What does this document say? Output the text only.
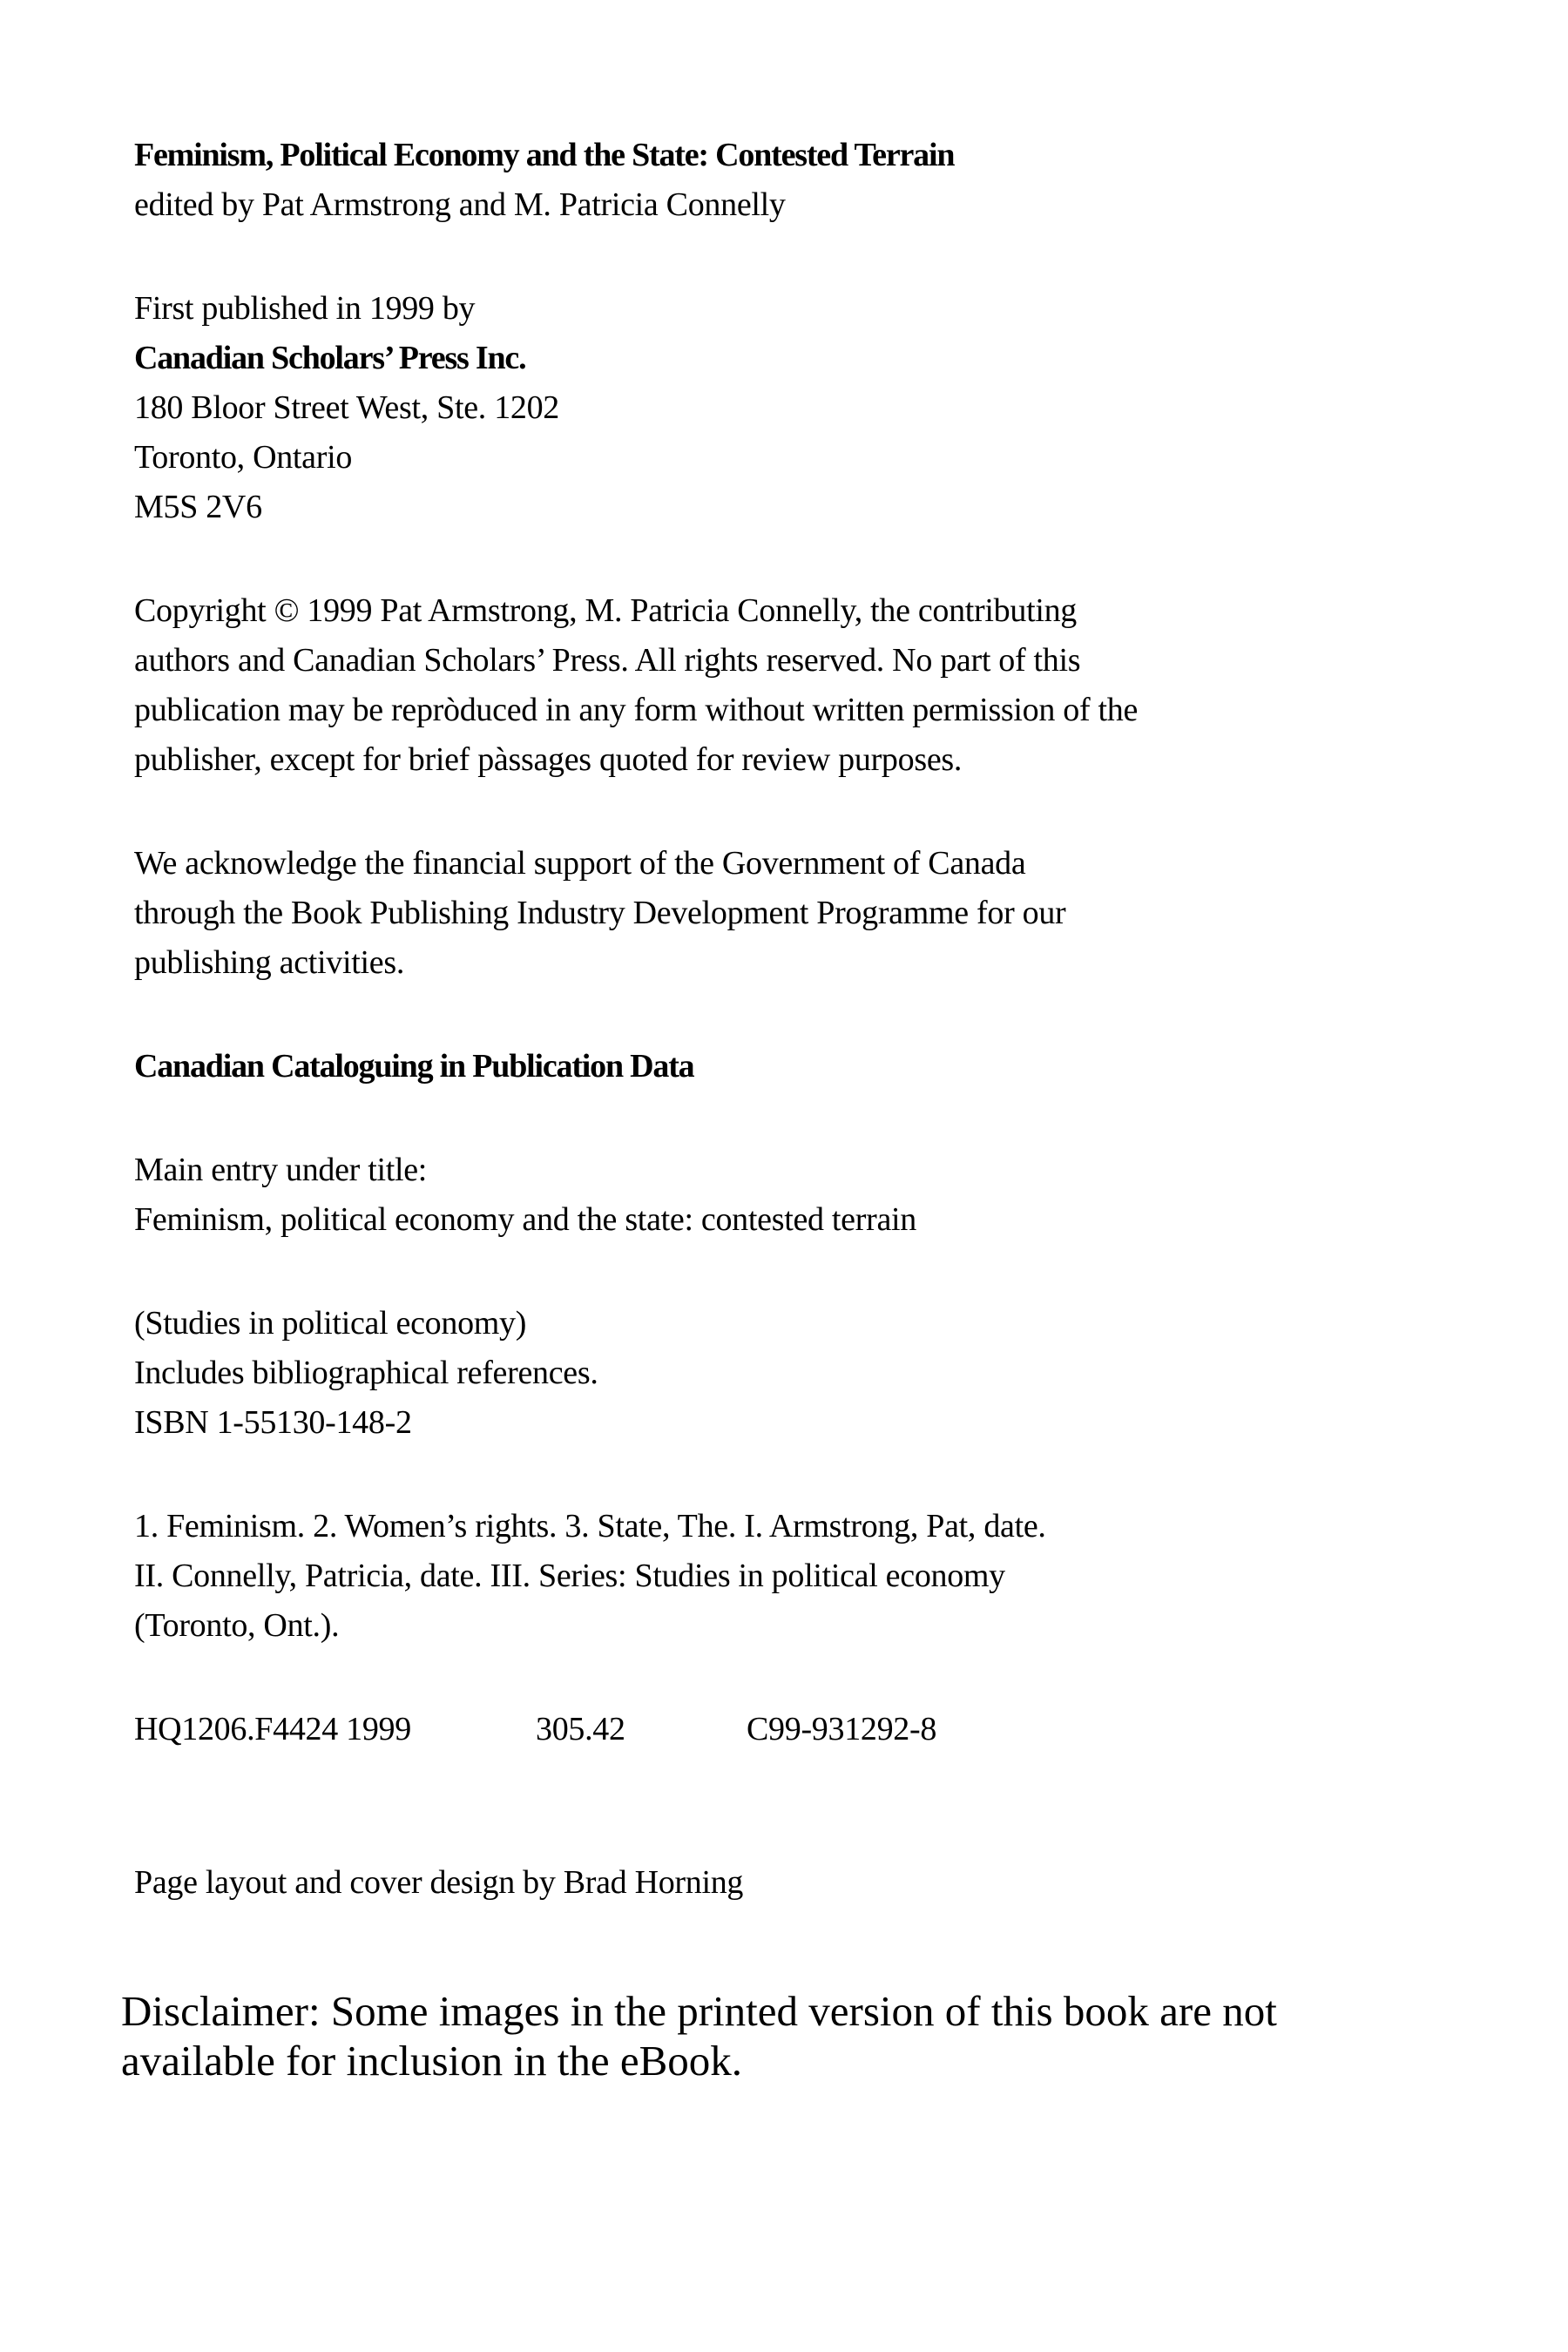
Feminism, Political Economy and the State: Contested Terrain
edited by Pat Armstrong and M. Patricia Connelly
First published in 1999 by
Canadian Scholars’ Press Inc.
180 Bloor Street West, Ste. 1202
Toronto, Ontario
M5S 2V6
Copyright © 1999 Pat Armstrong, M. Patricia Connelly, the contributing
authors and Canadian Scholars’ Press. All rights reserved. No part of this
publication may be repròduced in any form without written permission of the
publisher, except for brief pàssages quoted for review purposes.
We acknowledge the financial support of the Government of Canada
through the Book Publishing Industry Development Programme for our
publishing activities.
Canadian Cataloguing in Publication Data
Main entry under title:
Feminism, political economy and the state: contested terrain
(Studies in political economy)
Includes bibliographical references.
ISBN 1-55130-148-2
1. Feminism. 2. Women’s rights. 3. State, The. I. Armstrong, Pat, date.
II. Connelly, Patricia, date. III. Series: Studies in political economy
(Toronto, Ont.).
HQ1206.F4424 1999	305.42	C99-931292-8
Page layout and cover design by Brad Horning
Disclaimer: Some images in the printed version of this book are not
available for inclusion in the eBook.
